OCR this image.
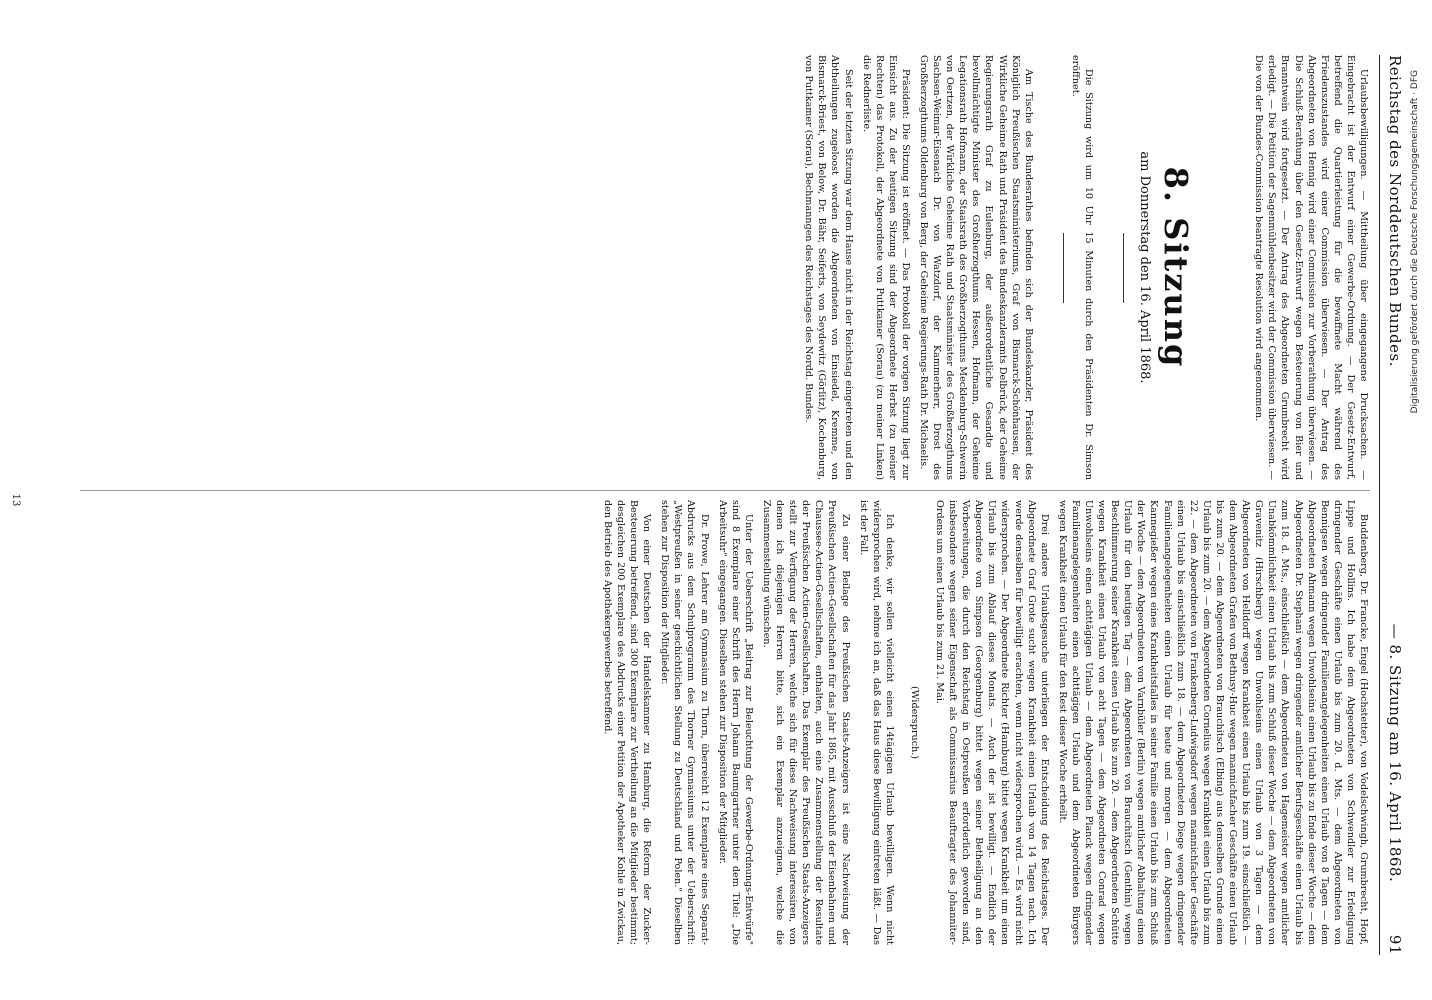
Reichstag des Norddeutschen Bundes.
— 8. Sitzung am 16. April 1868.          91
Urlaubsbewilligungen. — Mittheilung über eingegangene Drucksachen. — Eingebracht ist der Entwurf einer Gewerbe-Ordnung. — Der Gesetz-Entwurf, betreffend die Quartierleistung für die bewaffnete Macht während des Friedenszustandes wird einer Commission überwiesen. — Der Antrag des Abgeordneten von Hennig wird einer Commission zur Vorberathung überwiesen. — Die Schluß-Berathung über den Gesetz-Entwurf wegen Besteuerung von Bier und Branntwein wird fortgesetzt. — Der Antrag des Abgeordneten Grumbrecht wird erledigt. — Die Petition der Sagenmühlenbesitzer wird der Commission überwiesen. — Die von der Bundes-Commission beantragte Resolution wird angenommen.
8. Sitzung
am Donnerstag den 16. April 1868.
Die Sitzung wird um 10 Uhr 15 Minuten durch den Präsidenten Dr. Simson eröffnet.
Am Tische des Bundesrathes befinden sich der Bundeskanzler, Präsident des Königlich Preußischen Staatsministeriums, Graf von Bismarck-Schönhausen, der Wirkliche Geheime Rath und Präsident des Bundeskanzleramts Delbrück, der Geheime Regierungsrath Graf zu Eulenburg, der außerordentliche Gesandte und bevollmächtigte Minister des Großherzogthums Hessen, Hofmann, der Geheime Legationsrath Hofmann, der Staatsrath des Großherzogthums Mecklenburg-Schwerin von Oertzen, der Wirkliche Geheime Rath und Staatsminister des Großherzogthums Sachsen-Weimar-Eisenach Dr. von Watzdorf, der Kammerherr, Drost des Großherzogthums Oldenburg von Berg, der Geheime Regierungs-Rath Dr. Michaelis.
Präsident: Die Sitzung ist eröffnet. — Das Protokoll der vorigen Sitzung liegt zur Einsicht aus. Zu der heutigen Sitzung sind der Abgeordnete Herbst (zu meiner Rechten) das Protokoll, der Abgeordnete von Puttkamer (Sorau) (zu meiner Linken) die Rednerliste.
Seit der letzten Sitzung war dem Hause nicht in der Reichstag eingetreten und den Abtheilungen zugeloost worden die Abgeordneten von Einsiedel, Kremme, von Bismarck-Briest, von Below, Dr. Bähr, Seiferts, von Seydewitz (Görlitz), Kochenburg, von Puttkamer (Sorau), Bechmanngen des Reichstages des Nordd. Bundes.
Buddenberg, Dr. Francke, Engel (Hochstetter), von Vodelschwingh, Grumbrecht, Hopf, Lippe und Hollins. Ich habe dem Abgeordneten von Schwendler zur Erledigung dringender Geschäfte einen Urlaub bis zum 20. d. Mts. — dem Abgeordneten von Bennigsen wegen dringender Familienangelegenheiten einen Urlaub von 8 Tagen — dem Abgeordneten Ahmann wegen Unwohlseins einen Urlaub bis zu Ende dieser Woche — dem Abgeordneten Dr. Stephani wegen dringender amtlicher Berufsgeschäfte einen Urlaub bis zum 18. d. Mts., einschließlich — dem Abgeordneten von Hagemeister wegen amtlicher Unabkömmlichkeit einen Urlaub bis zum Schluß dieser Woche — dem Abgeordneten von Gravenitz (Hirschberg) wegen Unwohlseins einen Urlaub von 3 Tagen — dem Abgeordneten von Helldorff wegen Krankheit einen Urlaub bis zum 19. einschließlich — dem Abgeordneten Grafen von Bethusy-Huc wegen mannichfacher Geschäfte einen Urlaub bis zum 20. — dem Abgeordneten von Brauchitsch (Elbing) aus demselben Grunde einen Urlaub bis zum 20. — dem Abgeordneten Cornelius wegen Krankheit einen Urlaub bis zum 22. — dem Abgeordneten von Frankenberg-Ludwigsdorf wegen mannichfacher Geschäfte einen Urlaub bis einschließlich zum 18. — dem Abgeordneten Diege wegen dringender Familienangelegenheiten einen Urlaub für heute und morgen — dem Abgeordneten Kannegießer wegen eines Krankheitsfalles in seiner Familie einen Urlaub bis zum Schluß der Woche — dem Abgeordneten von Varnbüler (Berlin) wegen amtlicher Abhaltung einen Urlaub für den heutigen Tag — dem Abgeordneten von Brauchitsch (Genthin) wegen Beschlimmerung seiner Krankheit einen Urlaub bis zum 20. — dem Abgeordneten Schütte wegen Krankheit einen Urlaub von acht Tagen — dem Abgeordneten Conrad wegen Unwohlseins einen achttägigen Urlaub — dem Abgeordneten Planck wegen dringender Familienangelegenheiten einen achttägigen Urlaub und dem Abgeordneten Bürgers wegen Krankheit einen Urlaub für den Rest dieser Woche ertheilt.
Drei andere Urlaubsgesuche unterliegen der Entscheidung des Reichstages. Der Abgeordnete Graf Grote sucht wegen Krankheit einen Urlaub von 14 Tagen nach. Ich werde denselben für bewilligt erachten, wenn nicht widersprochen wird. — Es wird nicht widersprochen. — Der Abgeordnete Richter (Hamburg) bittet wegen Krankheit um einen Urlaub bis zum Ablauf dieses Monats. — Auch der ist bewilligt. — Endlich der Abgeordnete von Simpson (Georgenburg) bittet wegen seiner Betheiligung an den Vorbereitungen, die durch den Reichstag in Ostpreußen erforderlich geworden sind, insbesondere wegen seiner Eigenschaft als Commissarius Beauftragter des Johanniter-Ordens um einen Urlaub bis zum 21. Mai.
(Widerspruch.)
Ich denke, wir sollen vielleicht einen 14tägigen Urlaub bewilligen. Wenn nicht widersprochen wird, nehme ich an, daß das Haus diese Bewilligung eintreten läßt. — Das ist der Fall.
Zu einer Beilage des Preußischen Staats-Anzeigers ist eine Nachweisung der Preußischen Actien-Gesellschaften für das Jahr 1865, mit Ausschluß der Eisenbahnen und Chaussee-Actien-Gesellschaften, enthalten, auch eine Zusammenstellung der Resultate der Preußischen Actien-Gesellschaften. Das Exemplar des Preußischen Staats-Anzeigers stellt zur Verfügung der Herren, welche sich für diese Nachweisung interessiren, von denen ich diejenigen Herren bitte, sich ein Exemplar anzueignen, welche die Zusammenstellung wünschen.
Unter der Ueberschrift „Beitrag zur Beleuchtung der Gewerbe-Ordnungs-Entwürfe" sind 8 Exemplare einer Schrift des Herrn Johann Baumgartner unter dem Titel: „Die Arbeitsuhr" eingegangen. Dieselben stehen zur Disposition der Mitglieder.
Dr. Prowe, Lehrer am Gymnasium zu Thorn, überreicht 12 Exemplare eines Separat-Abdrucks aus dem Schulprogramm des Thorner Gymnasiums unter der Ueberschrift: „Westpreußen in seiner geschichtlichen Stellung zu Deutschland und Polen." Dieselben stehen zur Disposition der Mitglieder.
Von einer Deutschen der Handelskammer zu Hamburg, die Reform der Zucker-Besteuerung betreffend, sind 300 Exemplare zur Vertheilung an die Mitglieder bestimmt; desgleichen 200 Exemplare des Abdrucks einer Petition der Apotheker Kohle in Zwickau, den Betrieb des Apothekergewerbes betreffend.
13
Digitalisierung gefördert durch die Deutsche Forschungsgemeinschaft · DFG
